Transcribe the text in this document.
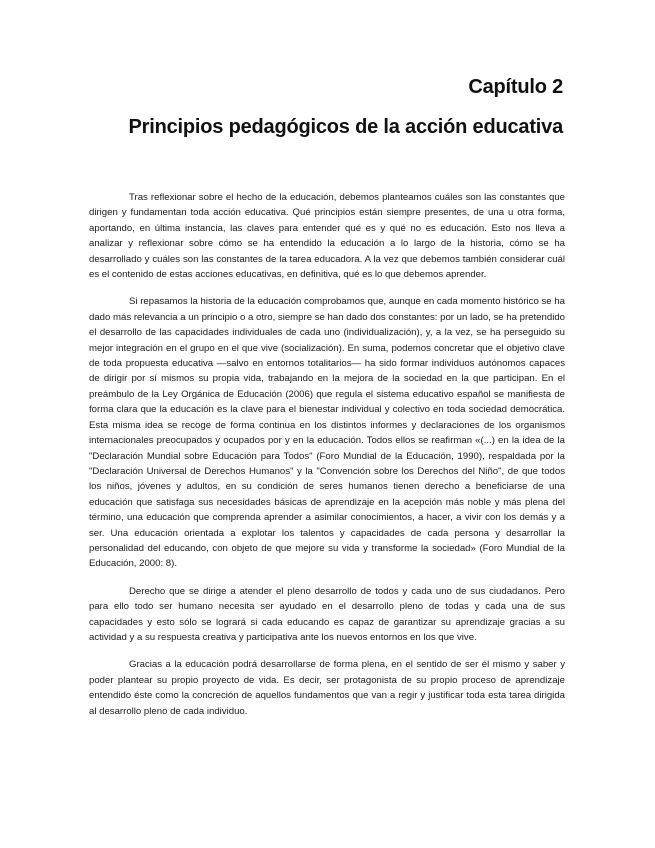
Capítulo 2
Principios pedagógicos de la acción educativa

Tras reflexionar sobre el hecho de la educación, debemos planteamos cuáles son las constantes que dirigen y fundamentan toda acción educativa. Qué principios están siempre presentes, de una u otra forma, aportando, en última instancia, las claves para entender qué es y qué no es educación. Esto nos lleva a analizar y reflexionar sobre cómo se ha entendido la educación a lo largo de la historia, cómo se ha desarrollado y cuáles son las constantes de la tarea educadora. A la vez que debemos también considerar cuál es el contenido de estas acciones educativas, en definitiva, qué es lo que debemos aprender.

Si repasamos la historia de la educación comprobamos que, aunque en cada momento histórico se ha dado más relevancia a un principio o a otro, siempre se han dado dos constantes: por un lado, se ha pretendido el desarrollo de las capacidades individuales de cada uno (individualización), y, a la vez, se ha perseguido su mejor integración en el grupo en el que vive (socialización). En suma, podemos concretar que el objetivo clave de toda propuesta educativa —salvo en entornos totalitarios— ha sido formar individuos autónomos capaces de dirigir por sí mismos su propia vida, trabajando en la mejora de la sociedad en la que participan. En el preámbulo de la Ley Orgánica de Educación (2006) que regula el sistema educativo español se manifiesta de forma clara que la educación es la clave para el bienestar individual y colectivo en toda sociedad democrática. Esta misma idea se recoge de forma continua en los distintos informes y declaraciones de los organismos internacionales preocupados y ocupados por y en la educación. Todos ellos se reafirman «(...) en la idea de la "Declaración Mundial sobre Educación para Todos" (Foro Mundial de la Educación, 1990), respaldada por la "Declaración Universal de Derechos Humanos" y la "Convención sobre los Derechos del Niño", de que todos los niños, jóvenes y adultos, en su condición de seres humanos tienen derecho a beneficiarse de una educación que satisfaga sus necesidades básicas de aprendizaje en la acepción más noble y más plena del término, una educación que comprenda aprender a asimilar conocimientos, a hacer, a vivir con los demás y a ser. Una educación orientada a explotar los talentos y capacidades de cada persona y desarrollar la personalidad del educando, con objeto de que mejore su vida y transforme la sociedad» (Foro Mundial de la Educación, 2000: 8).

Derecho que se dirige a atender el pleno desarrollo de todos y cada uno de sus ciudadanos. Pero para ello todo ser humano necesita ser ayudado en el desarrollo pleno de todas y cada una de sus capacidades y esto sólo se logrará si cada educando es capaz de garantizar su aprendizaje gracias a su actividad y a su respuesta creativa y participativa ante los nuevos entornos en los que vive.

Gracias a la educación podrá desarrollarse de forma plena, en el sentido de ser él mismo y saber y poder plantear su propio proyecto de vida. Es decir, ser protagonista de su propio proceso de aprendizaje entendido éste como la concreción de aquellos fundamentos que van a regir y justificar toda esta tarea dirigida al desarrollo pleno de cada individuo.
